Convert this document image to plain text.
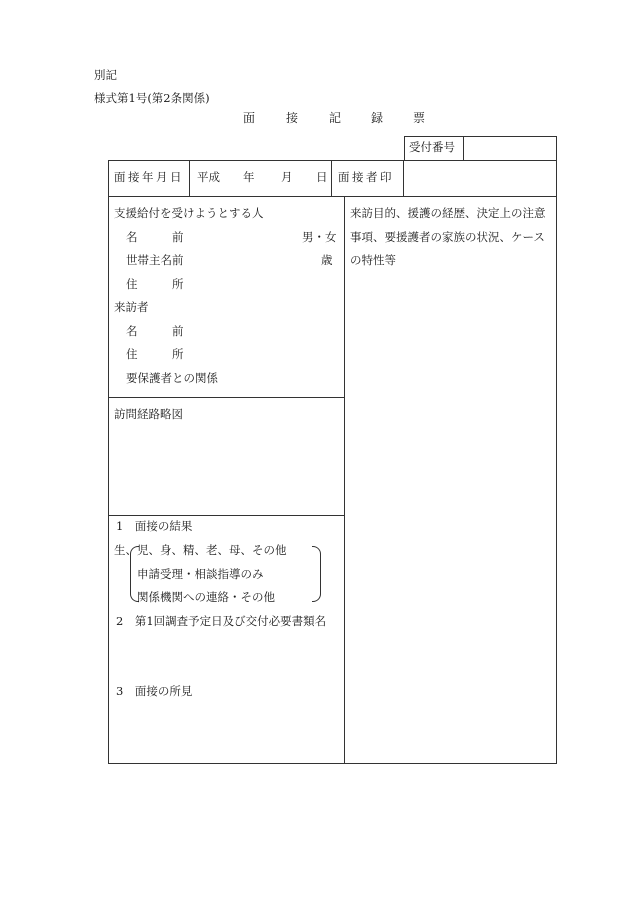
別記
様式第1号(第2条関係)
面	接	記 録 票
受付番号
面接年月日 平成 年 月 日 面接者印
支援給付を受けようとする人
名　　　前	男・女
世帯主名前	歳
住　　　所
来訪者
名　　　前
住　　　所
要保護者との関係
訪問経路略図
1　面接の結果
生、 児、身、精、老、母、その他
申請受理・相談指導のみ
関係機関への連絡・その他
2　第1回調査予定日及び交付必要書類名
3　面接の所見
来訪目的、援護の経歴、決定上の注意
事項、要援護者の家族の状況、ケース
の特性等
